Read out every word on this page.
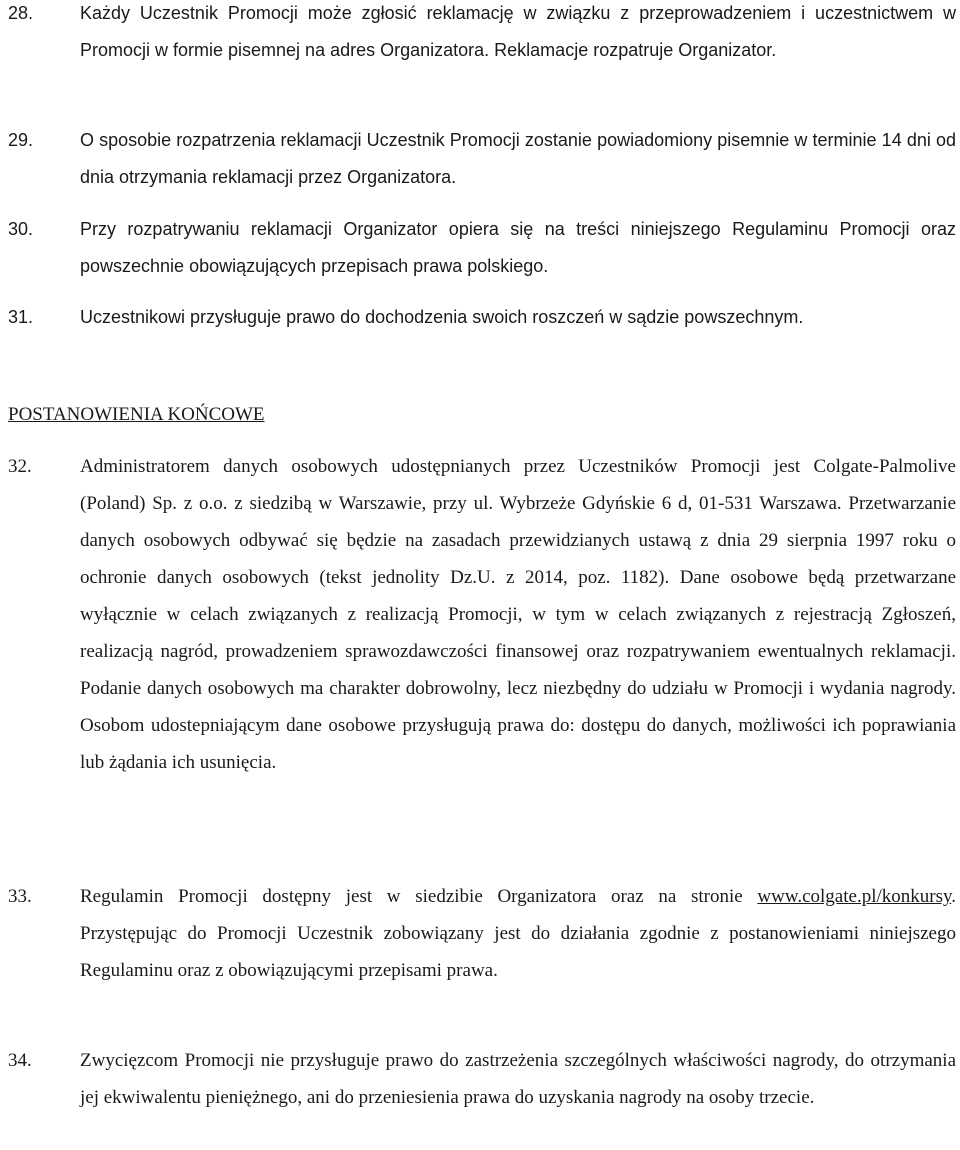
28.	Każdy Uczestnik Promocji może zgłosić reklamację w związku z przeprowadzeniem i uczestnictwem w Promocji w formie pisemnej na adres Organizatora. Reklamacje rozpatruje Organizator.
29.	O sposobie rozpatrzenia reklamacji Uczestnik Promocji zostanie powiadomiony pisemnie w terminie 14 dni od dnia otrzymania reklamacji przez Organizatora.
30.	Przy rozpatrywaniu reklamacji Organizator opiera się na treści niniejszego Regulaminu Promocji oraz powszechnie obowiązujących przepisach prawa polskiego.
31.	Uczestnikowi przysługuje prawo do dochodzenia swoich roszczeń w sądzie powszechnym.
POSTANOWIENIA KOŃCOWE
32.	Administratorem danych osobowych udostępnianych przez Uczestników Promocji jest Colgate-Palmolive (Poland) Sp. z o.o. z siedzibą w Warszawie, przy ul. Wybrzeże Gdyńskie 6 d, 01-531 Warszawa. Przetwarzanie danych osobowych odbywać się będzie na zasadach przewidzianych ustawą z dnia 29 sierpnia 1997 roku o ochronie danych osobowych (tekst jednolity Dz.U. z 2014, poz. 1182). Dane osobowe będą przetwarzane wyłącznie w celach związanych z realizacją Promocji, w tym w celach związanych z rejestracją Zgłoszeń, realizacją nagród, prowadzeniem sprawozdawczości finansowej oraz rozpatrywaniem ewentualnych reklamacji. Podanie danych osobowych ma charakter dobrowolny, lecz niezbędny do udziału w Promocji i wydania nagrody. Osobom udostepniającym dane osobowe przysługują prawa do: dostępu do danych, możliwości ich poprawiania lub żądania ich usunięcia.
33.	Regulamin Promocji dostępny jest w siedzibie Organizatora oraz na stronie www.colgate.pl/konkursy. Przystępując do Promocji Uczestnik zobowiązany jest do działania zgodnie z postanowieniami niniejszego Regulaminu oraz z obowiązującymi przepisami prawa.
34.	Zwycięzcom Promocji nie przysługuje prawo do zastrzeżenia szczególnych właściwości nagrody, do otrzymania jej ekwiwalentu pieniężnego, ani do przeniesienia prawa do uzyskania nagrody na osoby trzecie.
